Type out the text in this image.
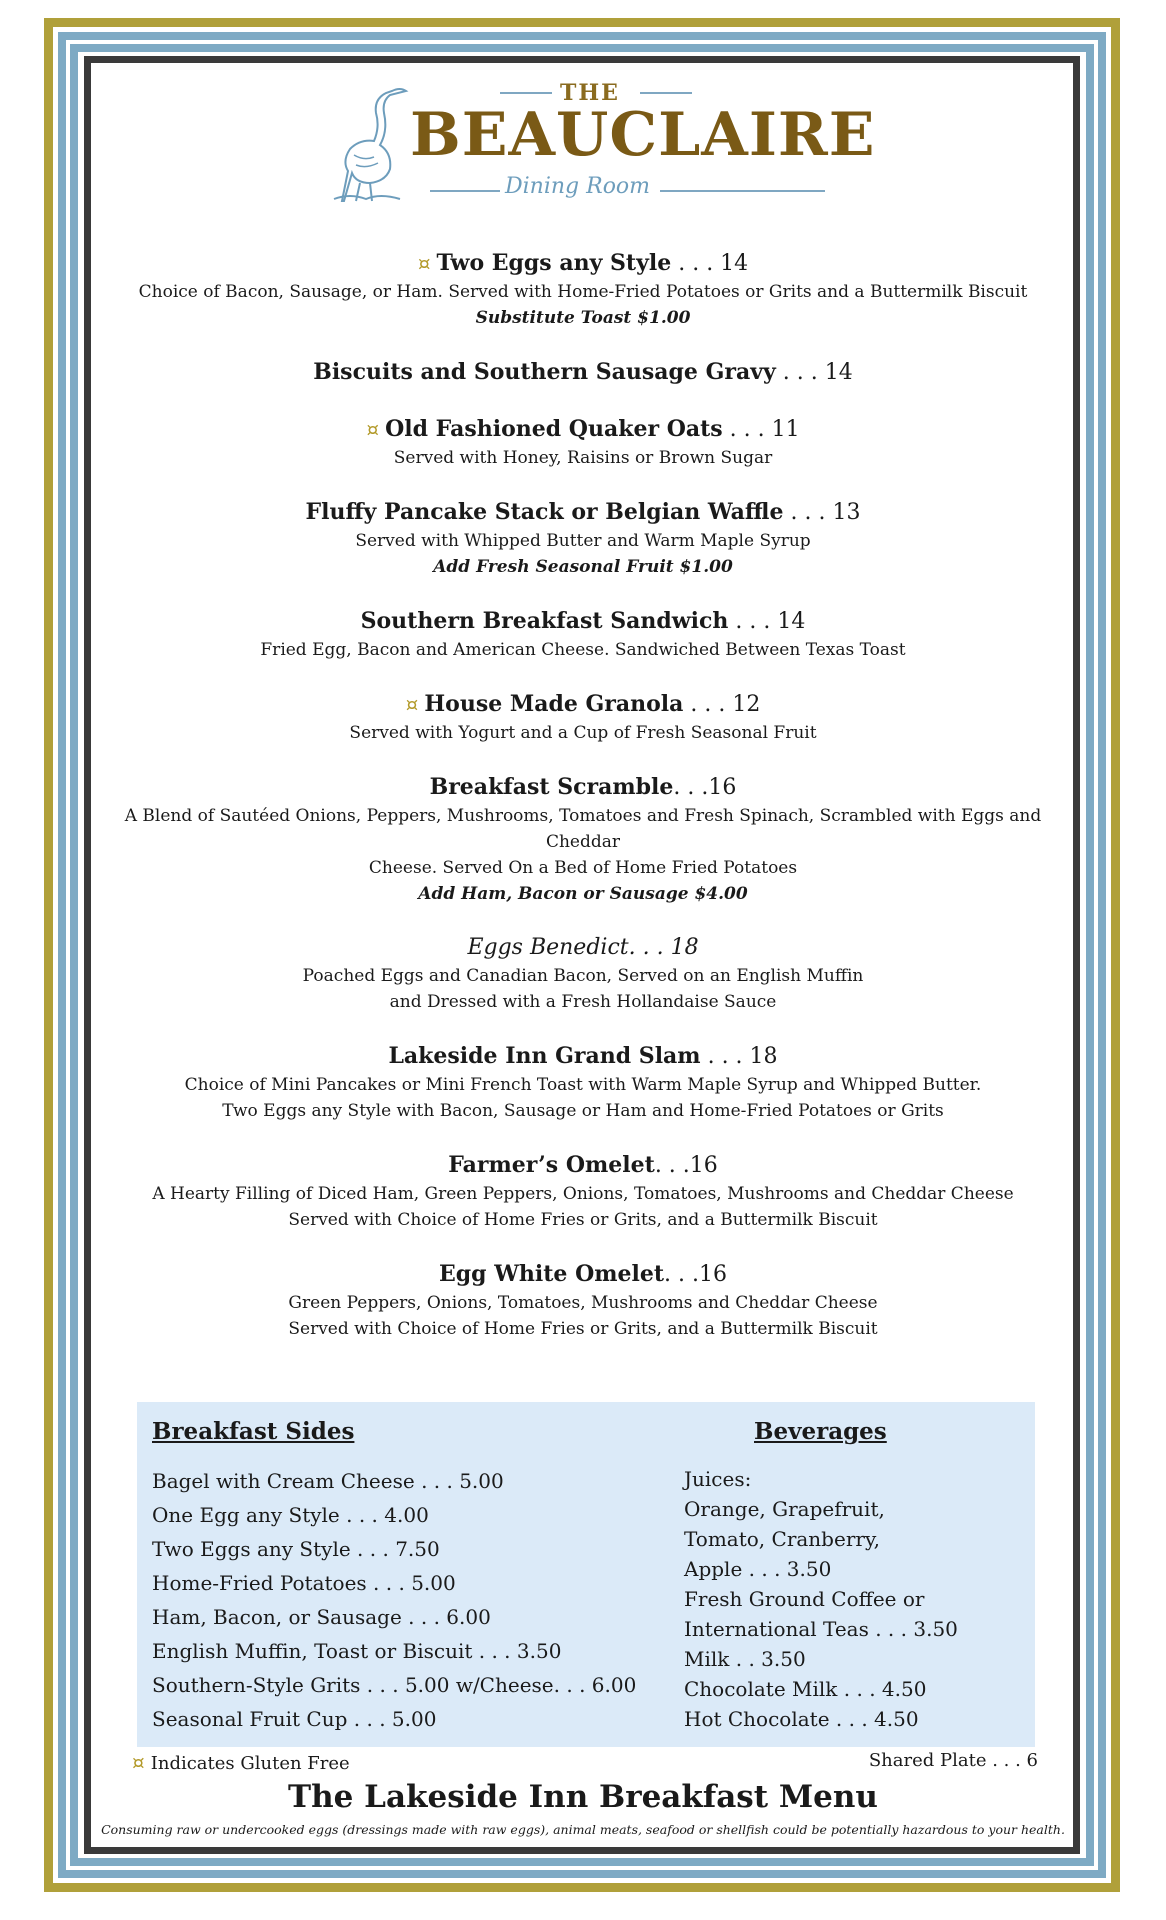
THE
BEAUCLAIRE
Dining Room
¤ Two Eggs any Style . . . 14
Choice of Bacon, Sausage, or Ham. Served with Home-Fried Potatoes or Grits and a Buttermilk Biscuit
Substitute Toast $1.00
Biscuits and Southern Sausage Gravy . . . 14
¤ Old Fashioned Quaker Oats . . . 11
Served with Honey, Raisins or Brown Sugar
Fluffy Pancake Stack or Belgian Waffle . . . 13
Served with Whipped Butter and Warm Maple Syrup
Add Fresh Seasonal Fruit $1.00
Southern Breakfast Sandwich . . . 14
Fried Egg, Bacon and American Cheese. Sandwiched Between Texas Toast
¤ House Made Granola . . . 12
Served with Yogurt and a Cup of Fresh Seasonal Fruit
Breakfast Scramble. . .16
A Blend of Sautéed Onions, Peppers, Mushrooms, Tomatoes and Fresh Spinach, Scrambled with Eggs and Cheddar
Cheese. Served On a Bed of Home Fried Potatoes
Add Ham, Bacon or Sausage $4.00
Eggs Benedict. . . 18
Poached Eggs and Canadian Bacon, Served on an English Muffin
and Dressed with a Fresh Hollandaise Sauce
Lakeside Inn Grand Slam . . . 18
Choice of Mini Pancakes or Mini French Toast with Warm Maple Syrup and Whipped Butter.
Two Eggs any Style with Bacon, Sausage or Ham and Home-Fried Potatoes or Grits
Farmer’s Omelet. . .16
A Hearty Filling of Diced Ham, Green Peppers, Onions, Tomatoes, Mushrooms and Cheddar Cheese
Served with Choice of Home Fries or Grits, and a Buttermilk Biscuit
Egg White Omelet. . .16
Green Peppers, Onions, Tomatoes, Mushrooms and Cheddar Cheese
Served with Choice of Home Fries or Grits, and a Buttermilk Biscuit
Breakfast Sides
Bagel with Cream Cheese . . . 5.00
One Egg any Style . . . 4.00
Two Eggs any Style . . . 7.50
Home-Fried Potatoes . . . 5.00
Ham, Bacon, or Sausage . . . 6.00
English Muffin, Toast or Biscuit . . . 3.50
Southern-Style Grits . . . 5.00 w/Cheese. . . 6.00
Seasonal Fruit Cup . . . 5.00
Beverages
Juices:
Orange, Grapefruit,
Tomato, Cranberry,
Apple . . . 3.50
Fresh Ground Coffee or
International Teas . . . 3.50
Milk . . 3.50
Chocolate Milk . . . 4.50
Hot Chocolate . . . 4.50
¤ Indicates Gluten Free	Shared Plate . . . 6
The Lakeside Inn Breakfast Menu
Consuming raw or undercooked eggs (dressings made with raw eggs), animal meats, seafood or shellfish could be potentially hazardous to your health.
